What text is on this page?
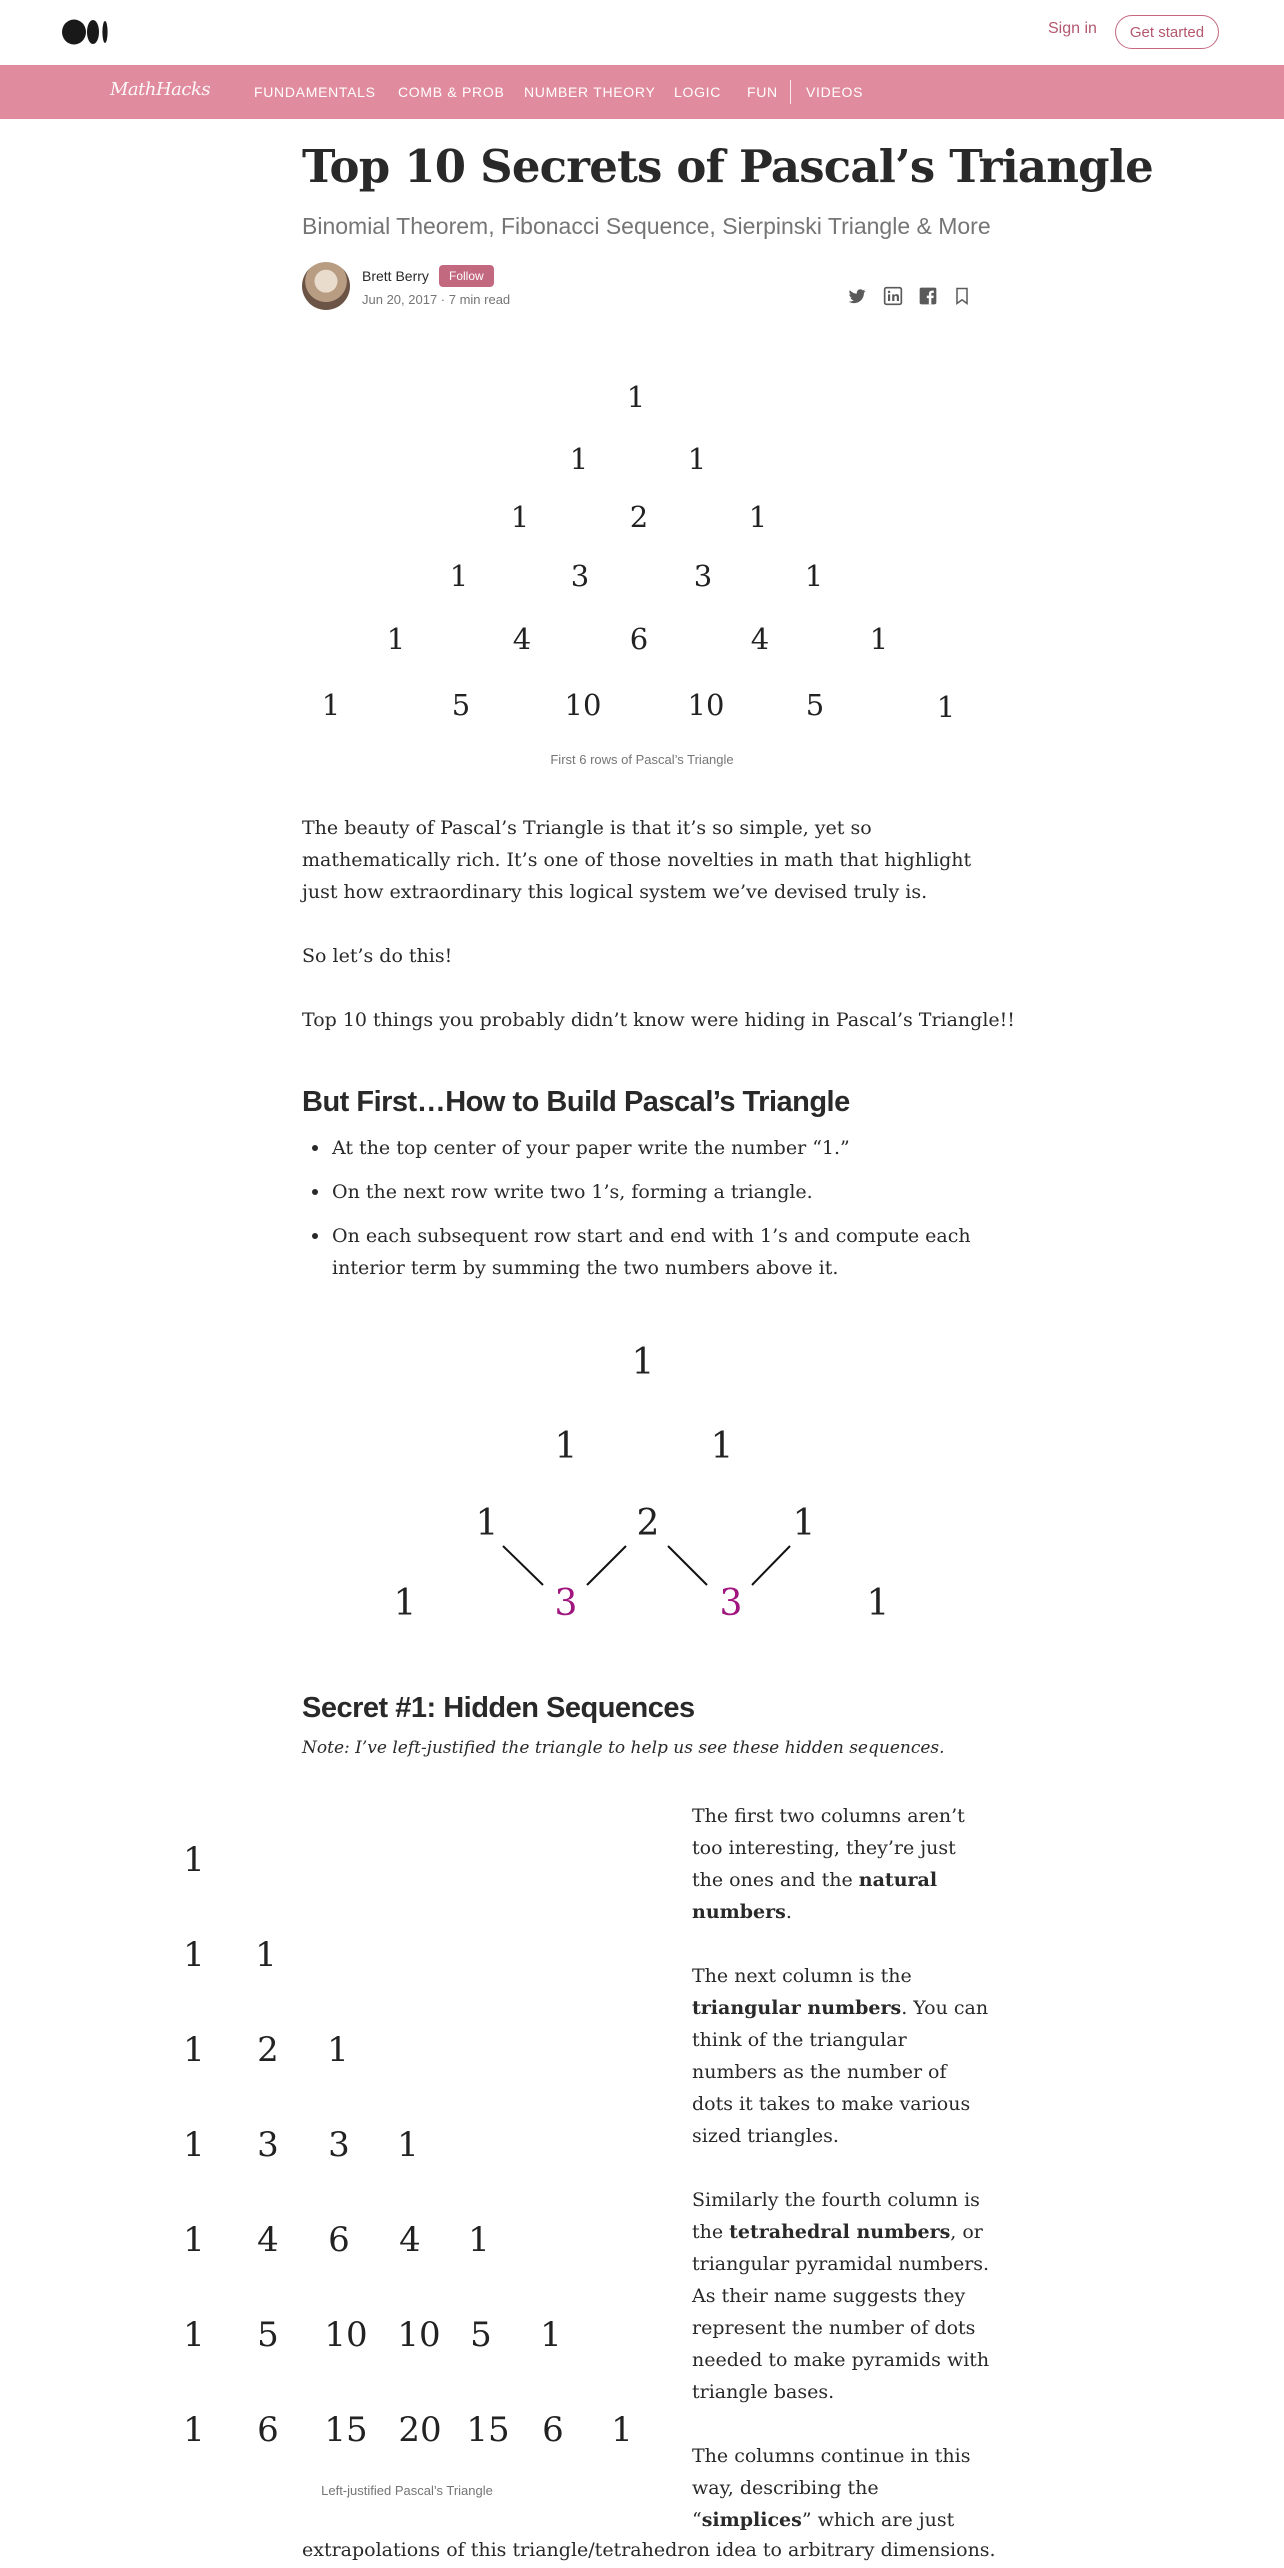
Sign in	Get started
MathHacks	FUNDAMENTALS COMB & PROB NUMBER THEORY LOGIC FUN VIDEOS
Top 10 Secrets of Pascal’s Triangle
Binomial Theorem, Fibonacci Sequence, Sierpinski Triangle & More
Brett Berry	Follow
Jun 20, 2017 · 7 min read
1
1	1
1	2	1
1	3	3	1
1	4	6	4	1
1	5	10	10	5	1
First 6 rows of Pascal’s Triangle

The beauty of Pascal’s Triangle is that it’s so simple, yet so mathematically rich. It’s one of those novelties in math that highlight just how extraordinary this logical system we’ve devised truly is.

So let’s do this!

Top 10 things you probably didn’t know were hiding in Pascal’s Triangle!!

But First…How to Build Pascal’s Triangle

At the top center of your paper write the number “1.”

On the next row write two 1’s, forming a triangle.

On each subsequent row start and end with 1’s and compute each interior term by summing the two numbers above it.

1
1	1
1	2	1
1	3	3	1
Secret #1: Hidden Sequences
Note: I’ve left-justified the triangle to help us see these hidden sequences.
1
1 1
1 2 1
1 3 3 1
1 4 6 4 1
1 5 10 10 5 1
1 6 15 20 15 6 1
Left-justified Pascal’s Triangle

The first two columns aren’t too interesting, they’re just the ones and the natural numbers.

The next column is the triangular numbers. You can think of the triangular numbers as the number of dots it takes to make various sized triangles.

Similarly the fourth column is the tetrahedral numbers, or triangular pyramidal numbers. As their name suggests they represent the number of dots needed to make pyramids with triangle bases.

The columns continue in this way, describing the “simplices” which are just

extrapolations of this triangle/tetrahedron idea to arbitrary dimensions.
